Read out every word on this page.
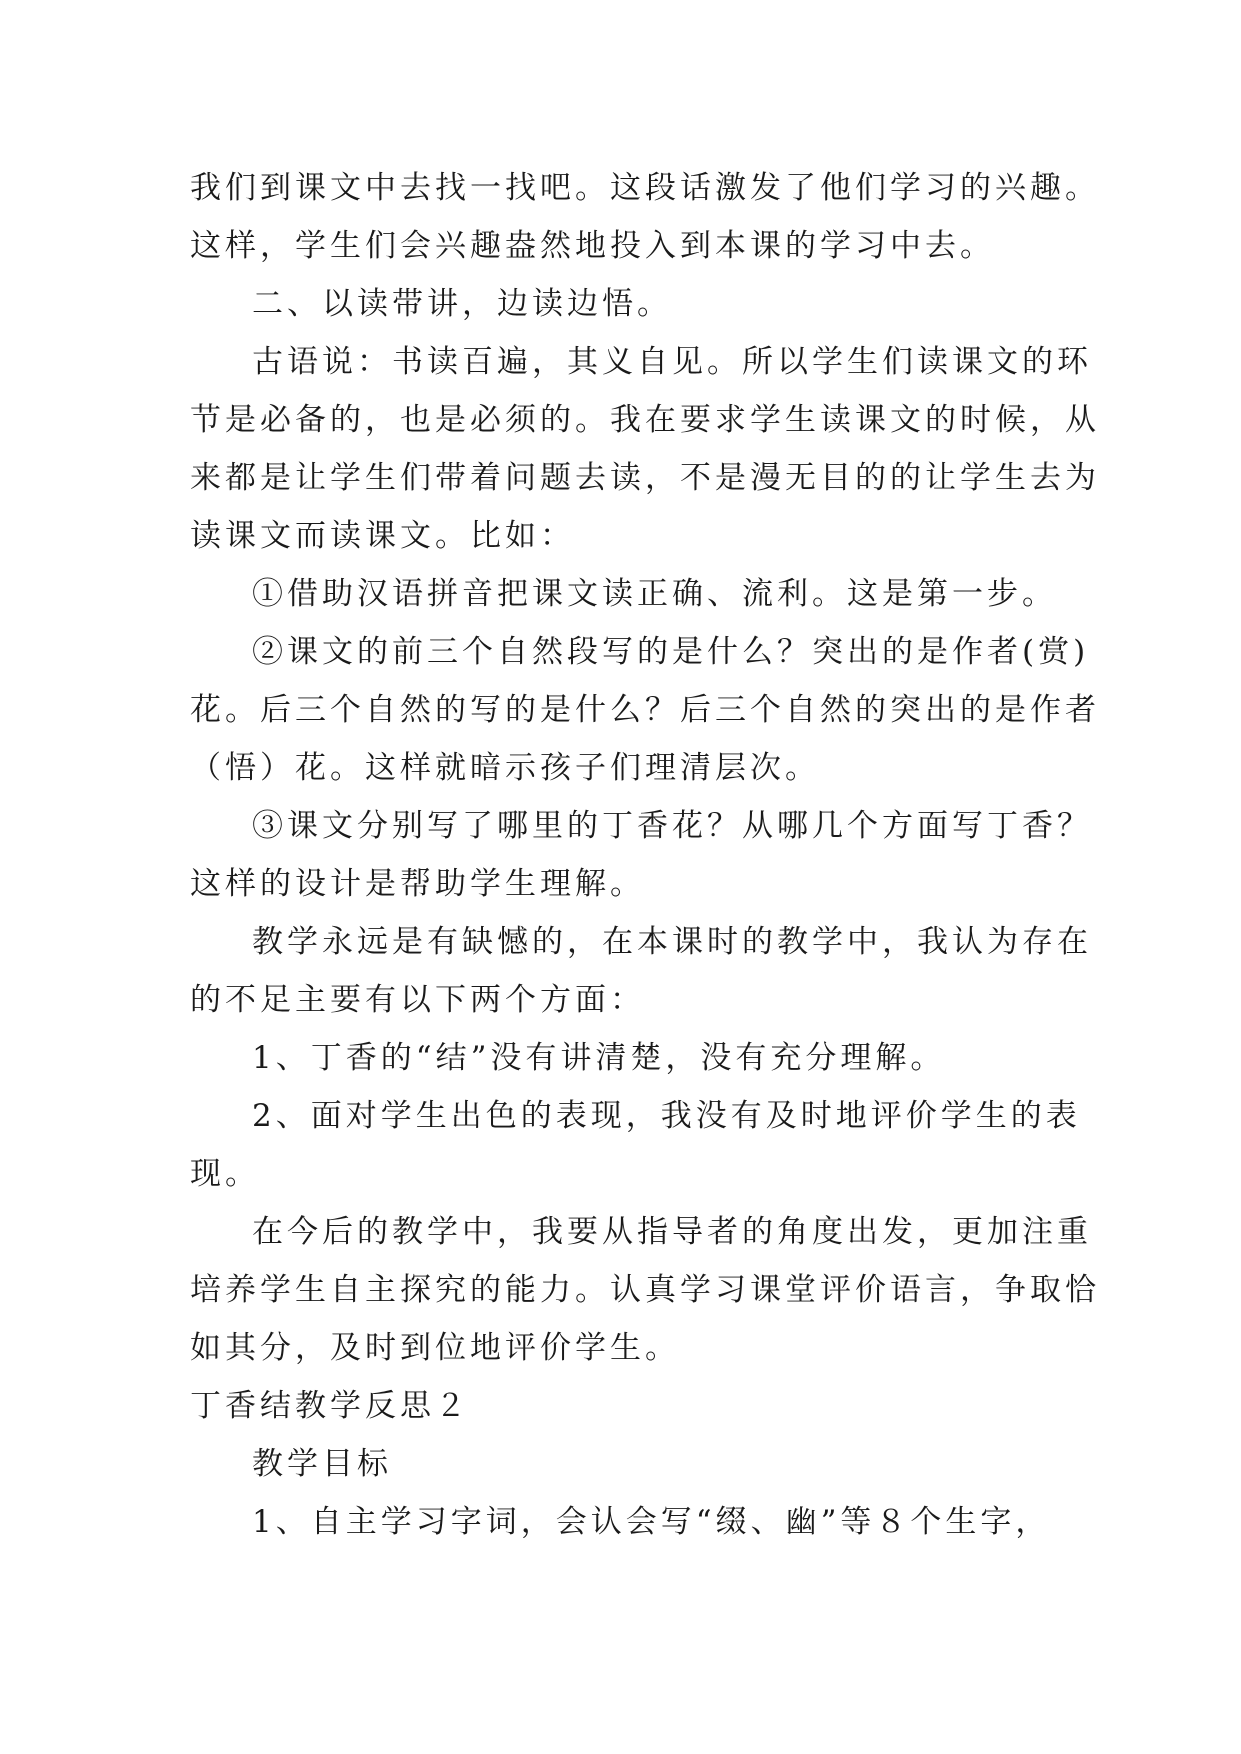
我们到课文中去找一找吧。这段话激发了他们学习的兴趣。
这样，学生们会兴趣盎然地投入到本课的学习中去。
二、以读带讲，边读边悟。
古语说：书读百遍，其义自见。所以学生们读课文的环
节是必备的，也是必须的。我在要求学生读课文的时候，从
来都是让学生们带着问题去读，不是漫无目的的让学生去为
读课文而读课文。比如：
①借助汉语拼音把课文读正确、流利。这是第一步。
②课文的前三个自然段写的是什么？突出的是作者(赏)
花。后三个自然的写的是什么？后三个自然的突出的是作者
（悟）花。这样就暗示孩子们理清层次。
③课文分别写了哪里的丁香花？从哪几个方面写丁香？
这样的设计是帮助学生理解。
教学永远是有缺憾的，在本课时的教学中，我认为存在
的不足主要有以下两个方面：
1、丁香的“结”没有讲清楚，没有充分理解。
2、面对学生出色的表现，我没有及时地评价学生的表
现。
在今后的教学中，我要从指导者的角度出发，更加注重
培养学生自主探究的能力。认真学习课堂评价语言，争取恰
如其分，及时到位地评价学生。
丁香结教学反思２
教学目标
1、自主学习字词，会认会写“缀、幽”等８个生字，
